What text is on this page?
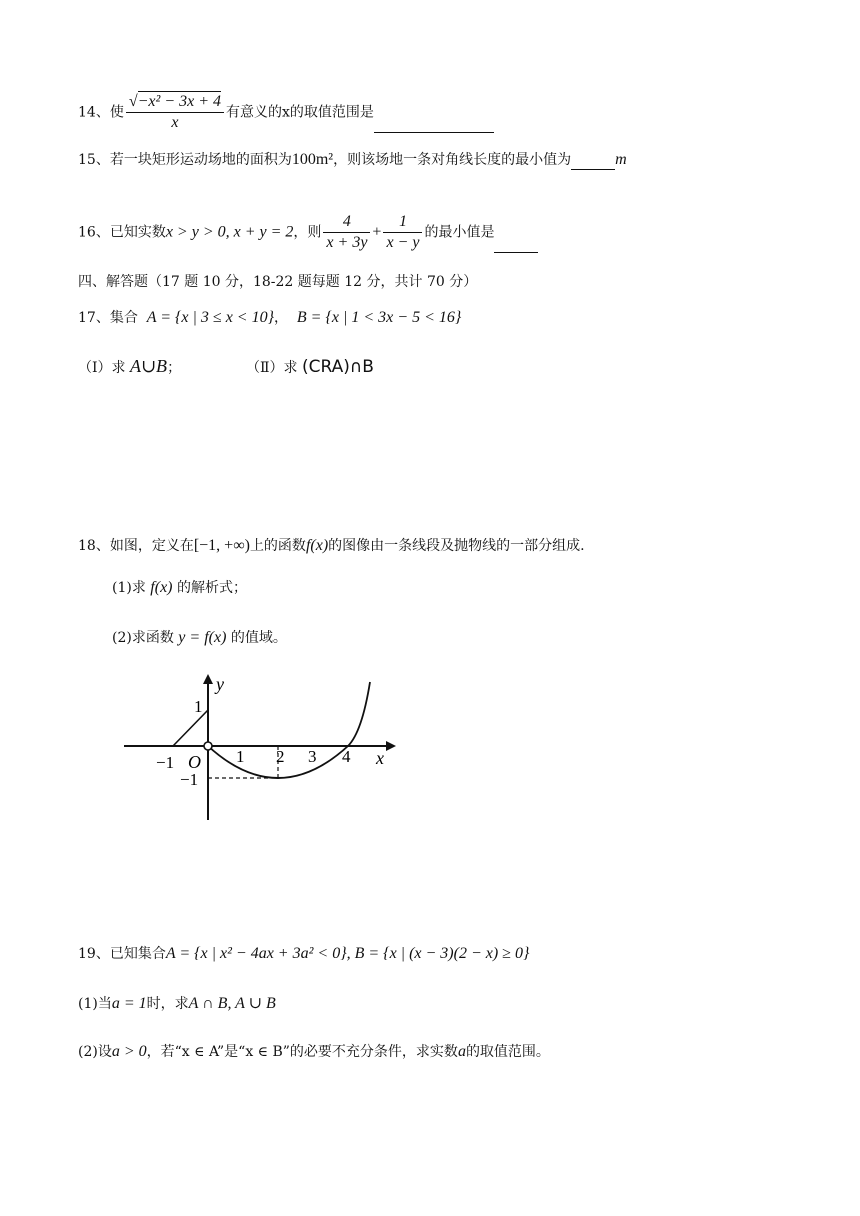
14、使 $\frac{\text{√−x² − 3x + 4}}{x}$ 有意义的x的取值范围是
15、若一块矩形运动场地的面积为100m²，则该场地一条对角线长度的最小值为	m
16、已知实数x > y > 0, x + y = 2，则 $\frac{4}{x + 3y} + \frac{1}{x - y}$ 的最小值是
四、解答题（17 题 10 分，18-22 题每题 12 分，共计 70 分）
17、集合 A = {x | 3 ≤ x < 10}， B = {x | 1 < 3x − 5 < 16}
（Ⅰ）求 A∪B；	（Ⅱ）求 (CRA)∩B
18、如图，定义在[−1, +∞)上的函数f(x)的图像由一条线段及抛物线的一部分组成.
(1)求 f(x) 的解析式；
(2)求函数 y = f(x) 的值域。
y
x
1
O
−1	1 2 3 4
−1
19、已知集合A = {x | x² − 4ax + 3a² < 0}, B = {x | (x − 3)(2 − x) ≥ 0}
(1)当a = 1时，求A ∩ B, A ∪ B
(2)设a > 0，若“x ∈ A”是“x ∈ B”的必要不充分条件，求实数a的取值范围。
